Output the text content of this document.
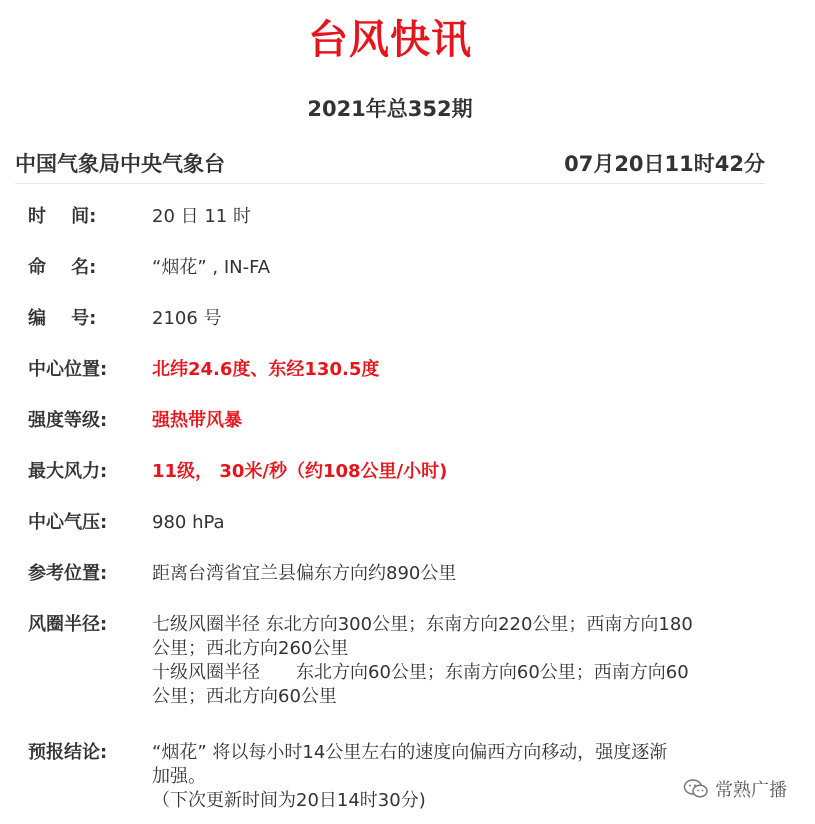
台风快讯
2021年总352期
中国气象局中央气象台	07月20日11时42分
时    间:	20 日 11 时
命    名:	“烟花” , IN-FA
编    号:	2106 号
中心位置:	北纬24.6度、东经130.5度
强度等级:	强热带风暴
最大风力:	11级， 30米/秒（约108公里/小时)
中心气压:	980 hPa
参考位置:	距离台湾省宜兰县偏东方向约890公里
风圈半径:	七级风圈半径 东北方向300公里；东南方向220公里；西南方向180
公里；西北方向260公里
十级风圈半径　　东北方向60公里；东南方向60公里；西南方向60
公里；西北方向60公里
预报结论:	“烟花” 将以每小时14公里左右的速度向偏西方向移动，强度逐渐
加强。
（下次更新时间为20日14时30分)	常熟广播
